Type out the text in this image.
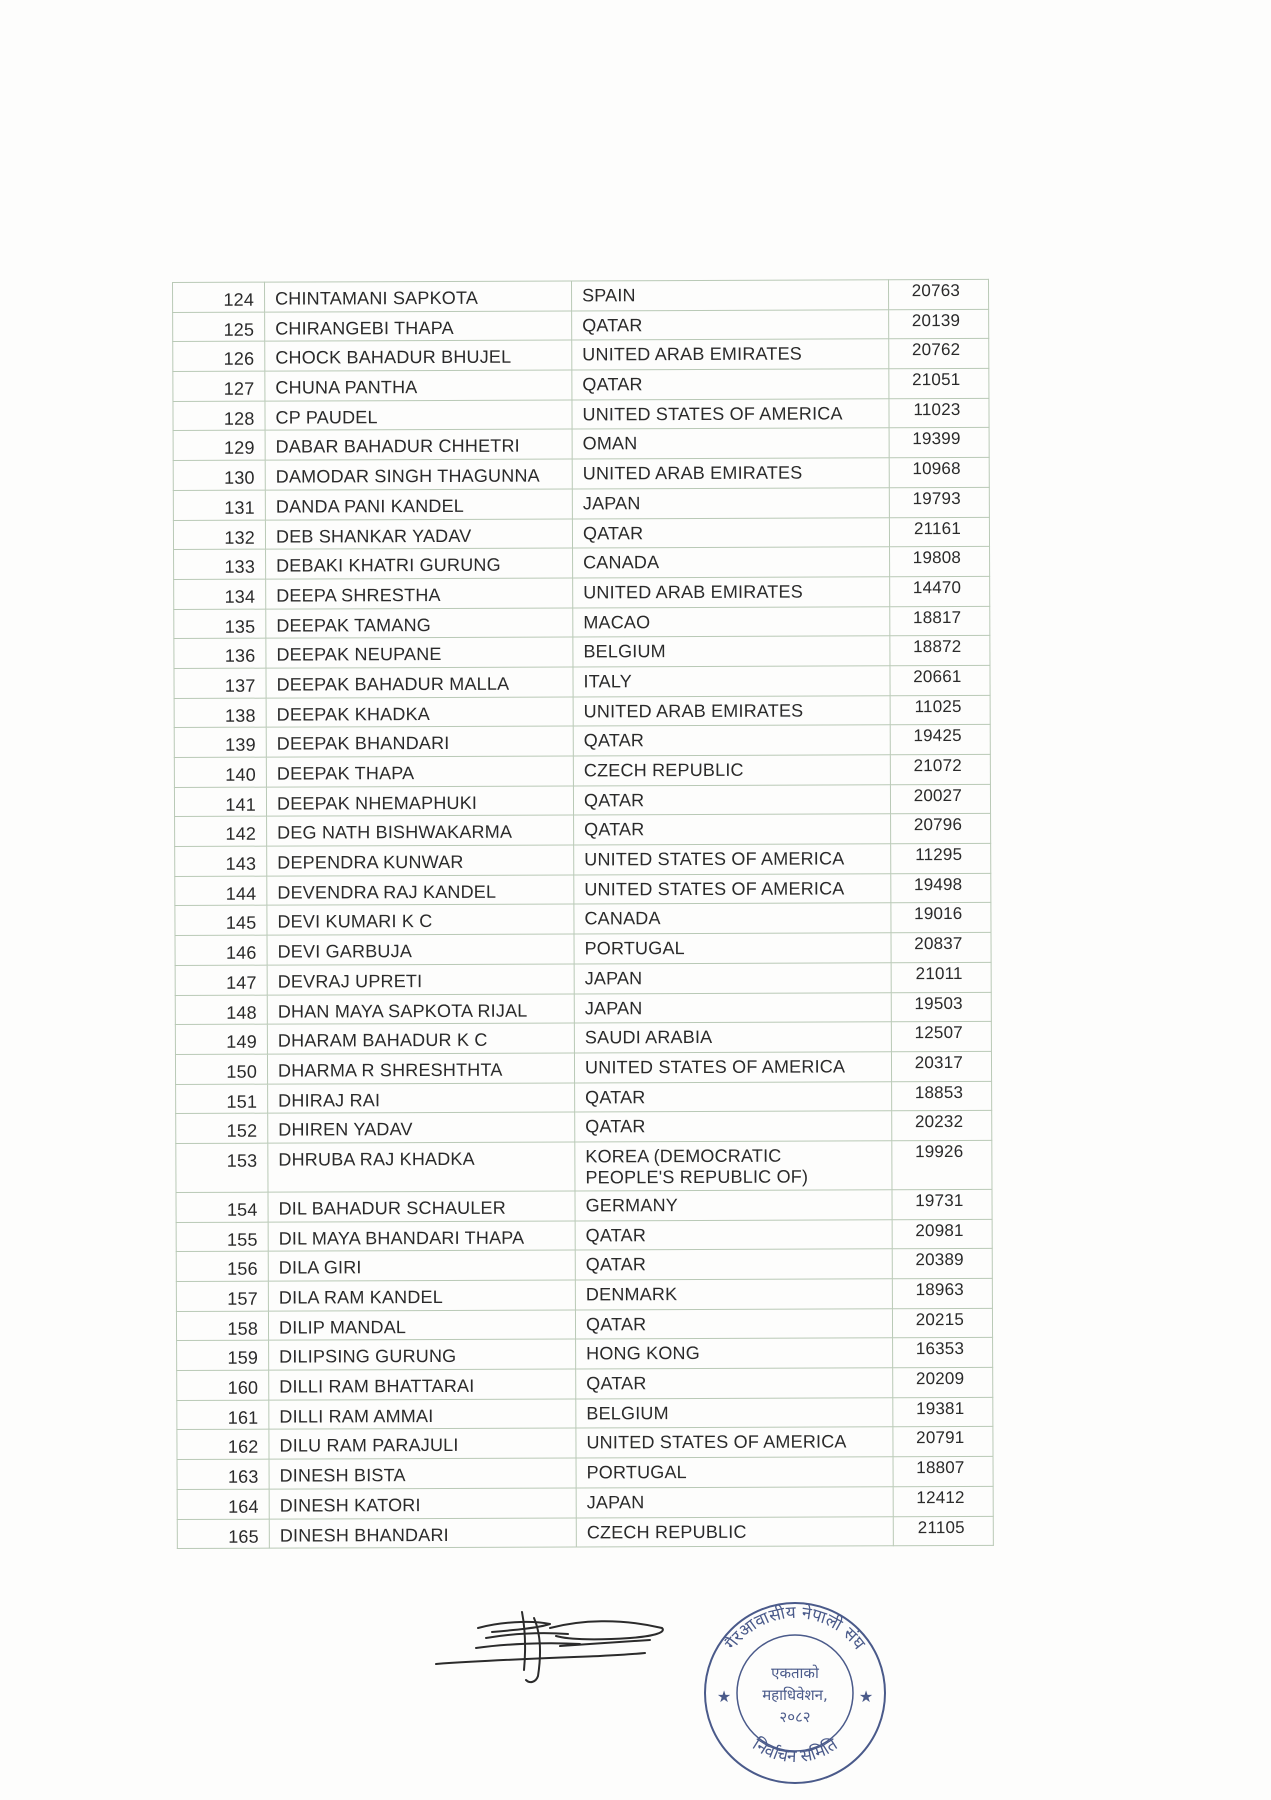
124	CHINTAMANI SAPKOTA	SPAIN	20763
125	CHIRANGEBI THAPA	QATAR	20139
126	CHOCK BAHADUR BHUJEL	UNITED ARAB EMIRATES	20762
127	CHUNA PANTHA	QATAR	21051
128	CP PAUDEL	UNITED STATES OF AMERICA	11023
129	DABAR BAHADUR CHHETRI	OMAN	19399
130	DAMODAR SINGH THAGUNNA	UNITED ARAB EMIRATES	10968
131	DANDA PANI KANDEL	JAPAN	19793
132	DEB SHANKAR YADAV	QATAR	21161
133	DEBAKI KHATRI GURUNG	CANADA	19808
134	DEEPA SHRESTHA	UNITED ARAB EMIRATES	14470
135	DEEPAK TAMANG	MACAO	18817
136	DEEPAK NEUPANE	BELGIUM	18872
137	DEEPAK BAHADUR MALLA	ITALY	20661
138	DEEPAK KHADKA	UNITED ARAB EMIRATES	11025
139	DEEPAK BHANDARI	QATAR	19425
140	DEEPAK THAPA	CZECH REPUBLIC	21072
141	DEEPAK NHEMAPHUKI	QATAR	20027
142	DEG NATH BISHWAKARMA	QATAR	20796
143	DEPENDRA KUNWAR	UNITED STATES OF AMERICA	11295
144	DEVENDRA RAJ KANDEL	UNITED STATES OF AMERICA	19498
145	DEVI KUMARI K C	CANADA	19016
146	DEVI GARBUJA	PORTUGAL	20837
147	DEVRAJ UPRETI	JAPAN	21011
148	DHAN MAYA SAPKOTA RIJAL	JAPAN	19503
149	DHARAM BAHADUR K C	SAUDI ARABIA	12507
150	DHARMA R SHRESHTHTA	UNITED STATES OF AMERICA	20317
151	DHIRAJ RAI	QATAR	18853
152	DHIREN YADAV	QATAR	20232
153	DHRUBA RAJ KHADKA	KOREA (DEMOCRATIC
PEOPLE'S REPUBLIC OF)	19926
154	DIL BAHADUR SCHAULER	GERMANY	19731
155	DIL MAYA BHANDARI THAPA	QATAR	20981
156	DILA GIRI	QATAR	20389
157	DILA RAM KANDEL	DENMARK	18963
158	DILIP MANDAL	QATAR	20215
159	DILIPSING GURUNG	HONG KONG	16353
160	DILLI RAM BHATTARAI	QATAR	20209
161	DILLI RAM AMMAI	BELGIUM	19381
162	DILU RAM PARAJULI	UNITED STATES OF AMERICA	20791
163	DINESH BISTA	PORTUGAL	18807
164	DINESH KATORI	JAPAN	12412
165	DINESH BHANDARI	CZECH REPUBLIC	21105
गैरआवासीय नेपाली संघ
निर्वाचन समिति
एकताको
महाधिवेशन,
२०८२
★	★
